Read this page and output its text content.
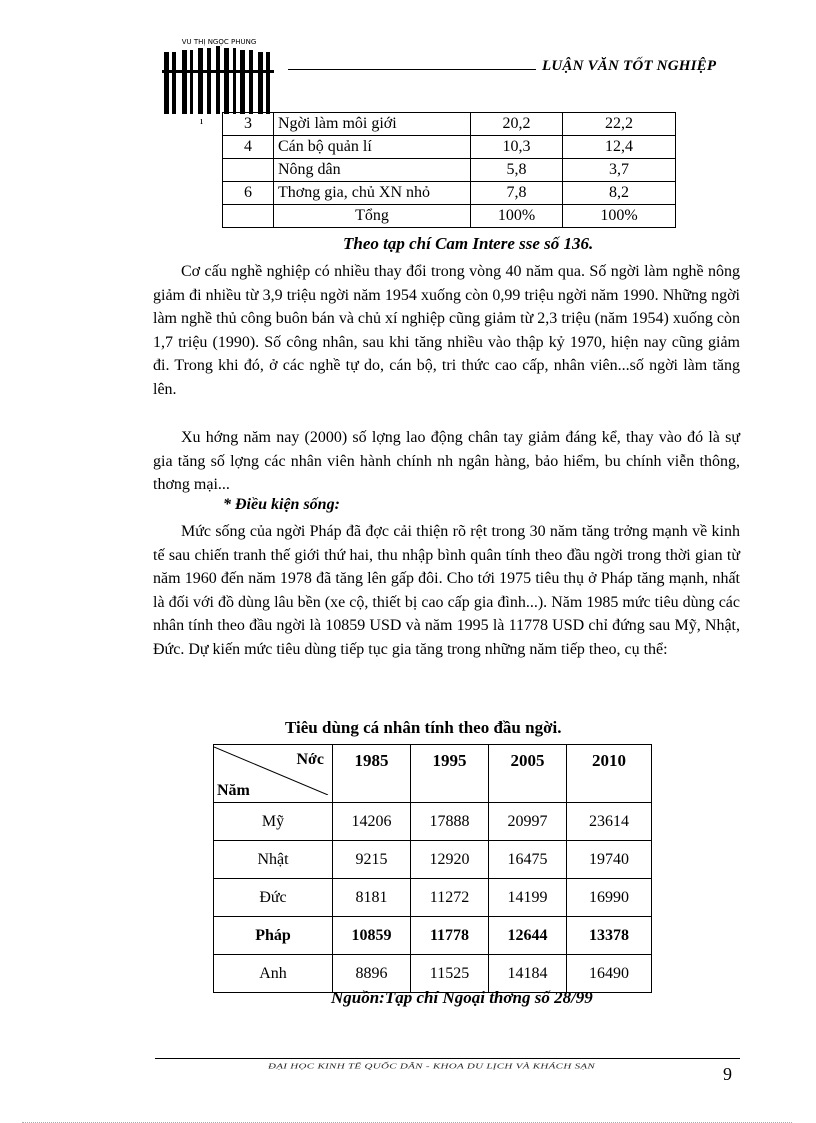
VŨ THỊ NGỌC PHÙNG
LUẬN VĂN TỐT NGHIỆP
ı	3	Ngời làm môi giới	20,2	22,2
4	Cán bộ quản lí	10,3	12,4
	Nông dân	5,8	3,7
6	Thơng gia, chủ XN nhỏ	7,8	8,2
	Tổng	100%	100%
Theo tạp chí Cam Intere sse số 136.

Cơ cấu nghề nghiệp có nhiều thay đổi trong vòng 40 năm qua. Số ngời làm nghề nông giảm đi nhiều từ 3,9 triệu ngời năm 1954 xuống còn 0,99 triệu ngời năm 1990. Những ngời làm nghề thủ công buôn bán và chủ xí nghiệp cũng giảm từ 2,3 triệu (năm 1954) xuống còn 1,7 triệu (1990). Số công nhân, sau khi tăng nhiều vào thập kỷ 1970, hiện nay cũng giảm đi. Trong khi đó, ở các nghề tự do, cán bộ, tri thức cao cấp, nhân viên...số ngời làm tăng lên.

Xu hớng năm nay (2000) số lợng lao động chân tay giảm đáng kể, thay vào đó là sự gia tăng số lợng các nhân viên hành chính nh ngân hàng, bảo hiểm, bu chính viễn thông, thơng mại...

* Điều kiện sống:

Mức sống của ngời Pháp đã đợc cải thiện rõ rệt trong 30 năm tăng trởng mạnh về kinh tế sau chiến tranh thế giới thứ hai, thu nhập bình quân tính theo đầu ngời trong thời gian từ năm 1960 đến năm 1978 đã tăng lên gấp đôi. Cho tới 1975 tiêu thụ ở Pháp tăng mạnh, nhất là đối với đồ dùng lâu bền (xe cộ, thiết bị cao cấp gia đình...). Năm 1985 mức tiêu dùng các nhân tính theo đầu ngời là 10859 USD và năm 1995 là 11778 USD chỉ đứng sau Mỹ, Nhật, Đức. Dự kiến mức tiêu dùng tiếp tục gia tăng trong những năm tiếp theo, cụ thể:

Tiêu dùng cá nhân tính theo đầu ngời.
Nớc
Năm	1985	1995	2005	2010
Mỹ	14206	17888	20997	23614
Nhật	9215	12920	16475	19740
Đức	8181	11272	14199	16990
Pháp	10859	11778	12644	13378
Anh	8896	11525	14184	16490
Nguồn:Tạp chí Ngoại thơng số 28/99
ĐẠI HỌC KINH TẾ QUỐC DÂN - KHOA DU LỊCH VÀ KHÁCH SẠN	9
